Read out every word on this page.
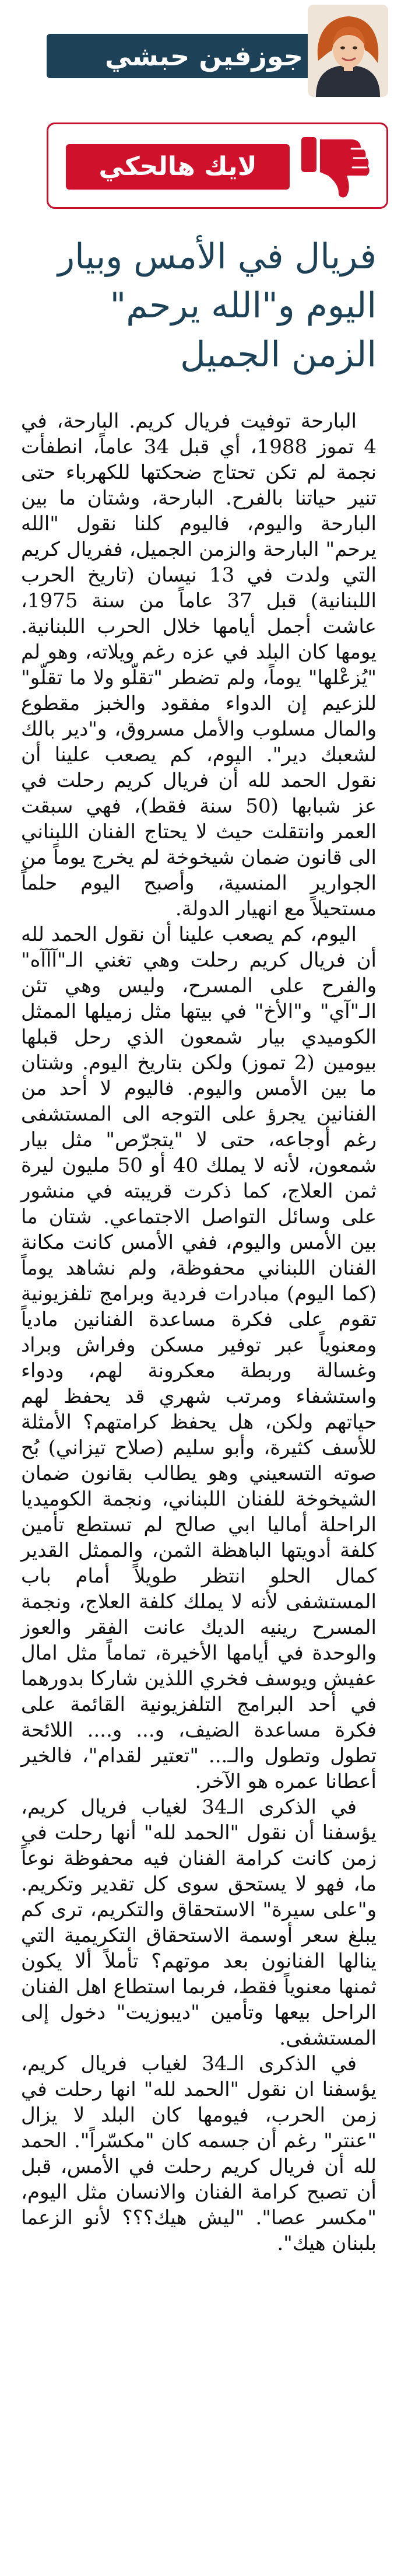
جوزفين حبشي
لايك هالحكي
فريال في الأمس وبيار اليوم و"الله يرحم" الزمن الجميل

البارحة توفيت فريال كريم. البارحة، في 4 تموز 1988، أي قبل 34 عاماً، انطفأت نجمة لم تكن تحتاج ضحكتها للكهرباء حتى تنير حياتنا بالفرح. البارحة، وشتان ما بين البارحة واليوم، فاليوم كلنا نقول "الله يرحم" البارحة والزمن الجميل، ففريال كريم التي ولدت في 13 نيسان (تاريخ الحرب اللبنانية) قبل 37 عاماً من سنة 1975، عاشت أجمل أيامها خلال الحرب اللبنانية. يومها كان البلد في عزه رغم ويلاته، وهو لم "يُزعْلها" يوماً، ولم تضطر "تقلّو ولا ما تقلّو" للزعيم إن الدواء مفقود والخبز مقطوع والمال مسلوب والأمل مسروق، و"دير بالك لشعبك دير". اليوم، كم يصعب علينا أن نقول الحمد لله أن فريال كريم رحلت في عز شبابها (50 سنة فقط)، فهي سبقت العمر وانتقلت حيث لا يحتاج الفنان اللبناني الى قانون ضمان شيخوخة لم يخرج يوماً من الجوارير المنسية، وأصبح اليوم حلماً مستحيلاً مع انهيار الدولة.

اليوم، كم يصعب علينا أن نقول الحمد لله أن فريال كريم رحلت وهي تغني الـ"آآآه" والفرح على المسرح، وليس وهي تئن الـ"آي" و"الأخ" في بيتها مثل زميلها الممثل الكوميدي بيار شمعون الذي رحل قبلها بيومين (2 تموز) ولكن بتاريخ اليوم. وشتان ما بين الأمس واليوم. فاليوم لا أحد من الفنانين يجرؤ على التوجه الى المستشفى رغم أوجاعه، حتى لا "يتجرّص" مثل بيار شمعون، لأنه لا يملك 40 أو 50 مليون ليرة ثمن العلاج، كما ذكرت قريبته في منشور على وسائل التواصل الاجتماعي. شتان ما بين الأمس واليوم، ففي الأمس كانت مكانة الفنان اللبناني محفوظة، ولم نشاهد يوماً (كما اليوم) مبادرات فردية وبرامج تلفزيونية تقوم على فكرة مساعدة الفنانين مادياً ومعنوياً عبر توفير مسكن وفراش وبراد وغسالة وربطة معكرونة لهم، ودواء واستشفاء ومرتب شهري قد يحفظ لهم حياتهم ولكن، هل يحفظ كرامتهم؟ الأمثلة للأسف كثيرة، وأبو سليم (صلاح تيزاني) بُح صوته التسعيني وهو يطالب بقانون ضمان الشيخوخة للفنان اللبناني، ونجمة الكوميديا الراحلة أماليا ابي صالح لم تستطع تأمين كلفة أدويتها الباهظة الثمن، والممثل القدير كمال الحلو انتظر طويلاً أمام باب المستشفى لأنه لا يملك كلفة العلاج، ونجمة المسرح رينيه الديك عانت الفقر والعوز والوحدة في أيامها الأخيرة، تماماً مثل امال عفيش ويوسف فخري اللذين شاركا بدورهما في أحد البرامج التلفزيونية القائمة على فكرة مساعدة الضيف، و... و.... اللائحة تطول وتطول والـ... "تعتير لقدام"، فالخير أعطانا عمره هو الآخر.

في الذكرى الـ34 لغياب فريال كريم، يؤسفنا أن نقول "الحمد لله" أنها رحلت في زمن كانت كرامة الفنان فيه محفوظة نوعاً ما، فهو لا يستحق سوى كل تقدير وتكريم. و"على سيرة" الاستحقاق والتكريم، ترى كم يبلغ سعر أوسمة الاستحقاق التكريمية التي ينالها الفنانون بعد موتهم؟ تأملاً ألا يكون ثمنها معنوياً فقط، فربما استطاع اهل الفنان الراحل بيعها وتأمين "ديبوزيت" دخول إلى المستشفى.

في الذكرى الـ34 لغياب فريال كريم، يؤسفنا ان نقول "الحمد لله" انها رحلت في زمن الحرب، فيومها كان البلد لا يزال "عنتر" رغم أن جسمه كان "مكسّراً". الحمد لله أن فريال كريم رحلت في الأمس، قبل أن تصبح كرامة الفنان والانسان مثل اليوم، "مكسر عصا". "ليش هيك؟؟؟ لأنو الزعما بلبنان هيك".
